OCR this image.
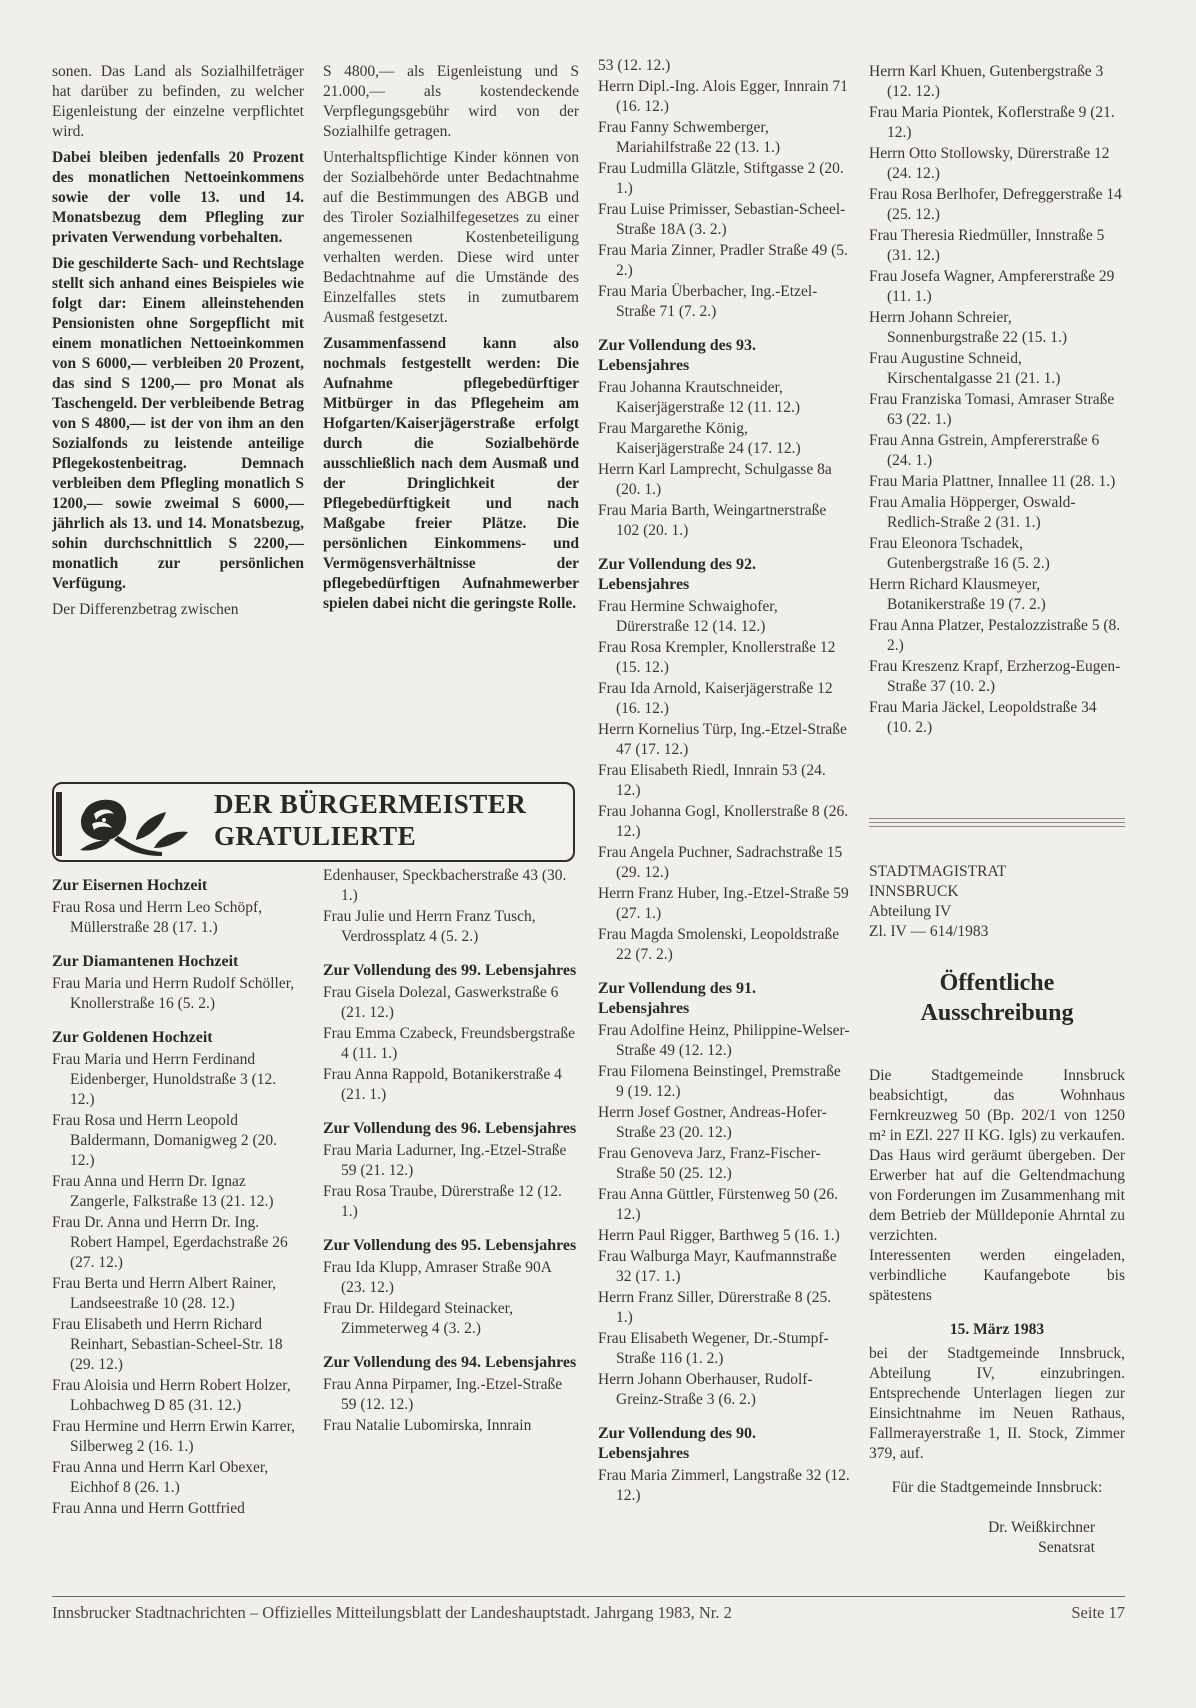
sonen. Das Land als Sozialhilfeträger hat darüber zu befinden, zu welcher Eigenleistung der einzelne verpflichtet wird.

Dabei bleiben jedenfalls 20 Prozent des monatlichen Nettoeinkommens sowie der volle 13. und 14. Monatsbezug dem Pflegling zur privaten Verwendung vorbehalten.

Die geschilderte Sach- und Rechtslage stellt sich anhand eines Beispieles wie folgt dar: Einem alleinstehenden Pensionisten ohne Sorgepflicht mit einem monatlichen Nettoeinkommen von S 6000,— verbleiben 20 Prozent, das sind S 1200,— pro Monat als Taschengeld. Der verbleibende Betrag von S 4800,— ist der von ihm an den Sozialfonds zu leistende anteilige Pflegekostenbeitrag. Demnach verbleiben dem Pflegling monatlich S 1200,— sowie zweimal S 6000,— jährlich als 13. und 14. Monatsbezug, sohin durchschnittlich S 2200,— monatlich zur persönlichen Verfügung.

Der Differenzbetrag zwischen

S 4800,— als Eigenleistung und S 21.000,— als kostendeckende Verpflegungsgebühr wird von der Sozialhilfe getragen.

Unterhaltspflichtige Kinder können von der Sozialbehörde unter Bedachtnahme auf die Bestimmungen des ABGB und des Tiroler Sozialhilfegesetzes zu einer angemessenen Kostenbeteiligung verhalten werden. Diese wird unter Bedachtnahme auf die Umstände des Einzelfalles stets in zumutbarem Ausmaß festgesetzt.

Zusammenfassend kann also nochmals festgestellt werden: Die Aufnahme pflegebedürftiger Mitbürger in das Pflegeheim am Hofgarten/Kaiserjägerstraße erfolgt durch die Sozialbehörde ausschließlich nach dem Ausmaß und der Dringlichkeit der Pflegebedürftigkeit und nach Maßgabe freier Plätze. Die persönlichen Einkommens- und Vermögensverhältnisse der pflegebedürftigen Aufnahmewerber spielen dabei nicht die geringste Rolle.

DER BÜRGERMEISTER
GRATULIERTE
Zur Eisernen Hochzeit
Frau Rosa und Herrn Leo Schöpf, Müllerstraße 28 (17. 1.)
Zur Diamantenen Hochzeit
Frau Maria und Herrn Rudolf Schöller, Knollerstraße 16 (5. 2.)
Zur Goldenen Hochzeit
Frau Maria und Herrn Ferdinand Eidenberger, Hunoldstraße 3 (12. 12.)
Frau Rosa und Herrn Leopold Baldermann, Domanigweg 2 (20. 12.)
Frau Anna und Herrn Dr. Ignaz Zangerle, Falkstraße 13 (21. 12.)
Frau Dr. Anna und Herrn Dr. Ing. Robert Hampel, Egerdachstraße 26 (27. 12.)
Frau Berta und Herrn Albert Rainer, Landseestraße 10 (28. 12.)
Frau Elisabeth und Herrn Richard Reinhart, Sebastian-Scheel-Str. 18 (29. 12.)
Frau Aloisia und Herrn Robert Holzer, Lohbachweg D 85 (31. 12.)
Frau Hermine und Herrn Erwin Karrer, Silberweg 2 (16. 1.)
Frau Anna und Herrn Karl Obexer, Eichhof 8 (26. 1.)
Frau Anna und Herrn Gottfried
Edenhauser, Speckbacherstraße 43 (30. 1.)
Frau Julie und Herrn Franz Tusch, Verdrossplatz 4 (5. 2.)
Zur Vollendung des 99. Lebensjahres
Frau Gisela Dolezal, Gaswerkstraße 6 (21. 12.)
Frau Emma Czabeck, Freundsbergstraße 4 (11. 1.)
Frau Anna Rappold, Botanikerstraße 4 (21. 1.)
Zur Vollendung des 96. Lebensjahres
Frau Maria Ladurner, Ing.-Etzel-Straße 59 (21. 12.)
Frau Rosa Traube, Dürerstraße 12 (12. 1.)
Zur Vollendung des 95. Lebensjahres
Frau Ida Klupp, Amraser Straße 90A (23. 12.)
Frau Dr. Hildegard Steinacker, Zimmeterweg 4 (3. 2.)
Zur Vollendung des 94. Lebensjahres
Frau Anna Pirpamer, Ing.-Etzel-Straße 59 (12. 12.)
Frau Natalie Lubomirska, Innrain
53 (12. 12.)
Herrn Dipl.-Ing. Alois Egger, Innrain 71 (16. 12.)
Frau Fanny Schwemberger, Mariahilfstraße 22 (13. 1.)
Frau Ludmilla Glätzle, Stiftgasse 2 (20. 1.)
Frau Luise Primisser, Sebastian-Scheel-Straße 18A (3. 2.)
Frau Maria Zinner, Pradler Straße 49 (5. 2.)
Frau Maria Überbacher, Ing.-Etzel-Straße 71 (7. 2.)
Zur Vollendung des 93. Lebensjahres
Frau Johanna Krautschneider, Kaiserjägerstraße 12 (11. 12.)
Frau Margarethe König, Kaiserjägerstraße 24 (17. 12.)
Herrn Karl Lamprecht, Schulgasse 8a (20. 1.)
Frau Maria Barth, Weingartnerstraße 102 (20. 1.)
Zur Vollendung des 92. Lebensjahres
Frau Hermine Schwaighofer, Dürerstraße 12 (14. 12.)
Frau Rosa Krempler, Knollerstraße 12 (15. 12.)
Frau Ida Arnold, Kaiserjägerstraße 12 (16. 12.)
Herrn Kornelius Türp, Ing.-Etzel-Straße 47 (17. 12.)
Frau Elisabeth Riedl, Innrain 53 (24. 12.)
Frau Johanna Gogl, Knollerstraße 8 (26. 12.)
Frau Angela Puchner, Sadrachstraße 15 (29. 12.)
Herrn Franz Huber, Ing.-Etzel-Straße 59 (27. 1.)
Frau Magda Smolenski, Leopoldstraße 22 (7. 2.)
Zur Vollendung des 91. Lebensjahres
Frau Adolfine Heinz, Philippine-Welser-Straße 49 (12. 12.)
Frau Filomena Beinstingel, Premstraße 9 (19. 12.)
Herrn Josef Gostner, Andreas-Hofer-Straße 23 (20. 12.)
Frau Genoveva Jarz, Franz-Fischer-Straße 50 (25. 12.)
Frau Anna Güttler, Fürstenweg 50 (26. 12.)
Herrn Paul Rigger, Barthweg 5 (16. 1.)
Frau Walburga Mayr, Kaufmannstraße 32 (17. 1.)
Herrn Franz Siller, Dürerstraße 8 (25. 1.)
Frau Elisabeth Wegener, Dr.-Stumpf-Straße 116 (1. 2.)
Herrn Johann Oberhauser, Rudolf-Greinz-Straße 3 (6. 2.)
Zur Vollendung des 90. Lebensjahres
Frau Maria Zimmerl, Langstraße 32 (12. 12.)
Herrn Karl Khuen, Gutenbergstraße 3 (12. 12.)
Frau Maria Piontek, Koflerstraße 9 (21. 12.)
Herrn Otto Stollowsky, Dürerstraße 12 (24. 12.)
Frau Rosa Berlhofer, Defreggerstraße 14 (25. 12.)
Frau Theresia Riedmüller, Innstraße 5 (31. 12.)
Frau Josefa Wagner, Ampfererstraße 29 (11. 1.)
Herrn Johann Schreier, Sonnenburgstraße 22 (15. 1.)
Frau Augustine Schneid, Kirschentalgasse 21 (21. 1.)
Frau Franziska Tomasi, Amraser Straße 63 (22. 1.)
Frau Anna Gstrein, Ampfererstraße 6 (24. 1.)
Frau Maria Plattner, Innallee 11 (28. 1.)
Frau Amalia Höpperger, Oswald-Redlich-Straße 2 (31. 1.)
Frau Eleonora Tschadek, Gutenbergstraße 16 (5. 2.)
Herrn Richard Klausmeyer, Botanikerstraße 19 (7. 2.)
Frau Anna Platzer, Pestalozzistraße 5 (8. 2.)
Frau Kreszenz Krapf, Erzherzog-Eugen-Straße 37 (10. 2.)
Frau Maria Jäckel, Leopoldstraße 34 (10. 2.)
STADTMAGISTRAT
INNSBRUCK
Abteilung IV
Zl. IV — 614/1983
Öffentliche
Ausschreibung

Die Stadtgemeinde Innsbruck beabsichtigt, das Wohnhaus Fernkreuzweg 50 (Bp. 202/1 von 1250 m² in EZl. 227 II KG. Igls) zu verkaufen. Das Haus wird geräumt übergeben. Der Erwerber hat auf die Geltendmachung von Forderungen im Zusammenhang mit dem Betrieb der Mülldeponie Ahrntal zu verzichten.

Interessenten werden eingeladen, verbindliche Kaufangebote bis spätestens

15. März 1983

bei der Stadtgemeinde Innsbruck, Abteilung IV, einzubringen. Entsprechende Unterlagen liegen zur Einsichtnahme im Neuen Rathaus, Fallmerayerstraße 1, II. Stock, Zimmer 379, auf.

Für die Stadtgemeinde Innsbruck:

Dr. Weißkirchner

Senatsrat

Innsbrucker Stadtnachrichten – Offizielles Mitteilungsblatt der Landeshauptstadt. Jahrgang 1983, Nr. 2	Seite 17
